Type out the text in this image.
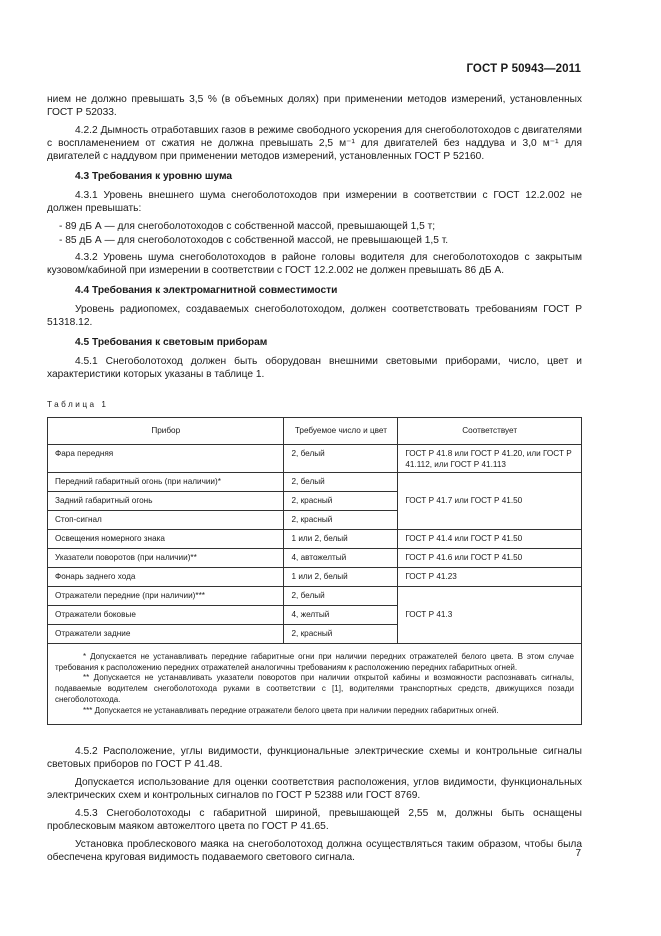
ГОСТ Р 50943—2011

нием не должно превышать 3,5 % (в объемных долях) при применении методов измерений, установленных ГОСТ Р 52033.

4.2.2 Дымность отработавших газов в режиме свободного ускорения для снегоболотоходов с двигателями с воспламенением от сжатия не должна превышать 2,5 м⁻¹ для двигателей без наддува и 3,0 м⁻¹ для двигателей с наддувом при применении методов измерений, установленных ГОСТ Р 52160.

4.3 Требования к уровню шума

4.3.1 Уровень внешнего шума снегоболотоходов при измерении в соответствии с ГОСТ 12.2.002 не должен превышать:

- 89 дБ А — для снегоболотоходов с собственной массой, превышающей 1,5 т;

- 85 дБ А — для снегоболотоходов с собственной массой, не превышающей 1,5 т.

4.3.2 Уровень шума снегоболотоходов в районе головы водителя для снегоболотоходов с закрытым кузовом/кабиной при измерении в соответствии с ГОСТ 12.2.002 не должен превышать 86 дБ А.

4.4 Требования к электромагнитной совместимости

Уровень радиопомех, создаваемых снегоболотоходом, должен соответствовать требованиям ГОСТ Р 51318.12.

4.5 Требования к световым приборам

4.5.1 Снегоболотоход должен быть оборудован внешними световыми приборами, число, цвет и характеристики которых указаны в таблице 1.

Таблица 1
Прибор	Требуемое число и цвет	Соответствует
Фара передняя	2, белый	ГОСТ Р 41.8 или ГОСТ Р 41.20, или ГОСТ Р 41.112, или ГОСТ Р 41.113
Передний габаритный огонь (при наличии)*	2, белый	ГОСТ Р 41.7 или ГОСТ Р 41.50
Задний габаритный огонь	2, красный	
Стоп-сигнал	2, красный	
Освещения номерного знака	1 или 2, белый	ГОСТ Р 41.4 или ГОСТ Р 41.50
Указатели поворотов (при наличии)**	4, автожелтый	ГОСТ Р 41.6 или ГОСТ Р 41.50
Фонарь заднего хода	1 или 2, белый	ГОСТ Р 41.23
Отражатели передние (при наличии)***	2, белый	ГОСТ Р 41.3
Отражатели боковые	4, желтый	
Отражатели задние	2, красный	

* Допускается не устанавливать передние габаритные огни при наличии передних отражателей белого цвета. В этом случае требования к расположению передних отражателей аналогичны требованиям к расположению передних габаритных огней.

** Допускается не устанавливать указатели поворотов при наличии открытой кабины и возможности распознавать сигналы, подаваемые водителем снегоболотохода руками в соответствии с [1], водителями транспортных средств, движущихся позади снегоболотохода.

*** Допускается не устанавливать передние отражатели белого цвета при наличии передних габаритных огней.		

4.5.2 Расположение, углы видимости, функциональные электрические схемы и контрольные сигналы световых приборов по ГОСТ Р 41.48.

Допускается использование для оценки соответствия расположения, углов видимости, функциональных электрических схем и контрольных сигналов по ГОСТ Р 52388 или ГОСТ 8769.

4.5.3 Снегоболотоходы с габаритной шириной, превышающей 2,55 м, должны быть оснащены проблесковым маяком автожелтого цвета по ГОСТ Р 41.65.

Установка проблескового маяка на снегоболотоход должна осуществляться таким образом, чтобы была обеспечена круговая видимость подаваемого светового сигнала.	7
